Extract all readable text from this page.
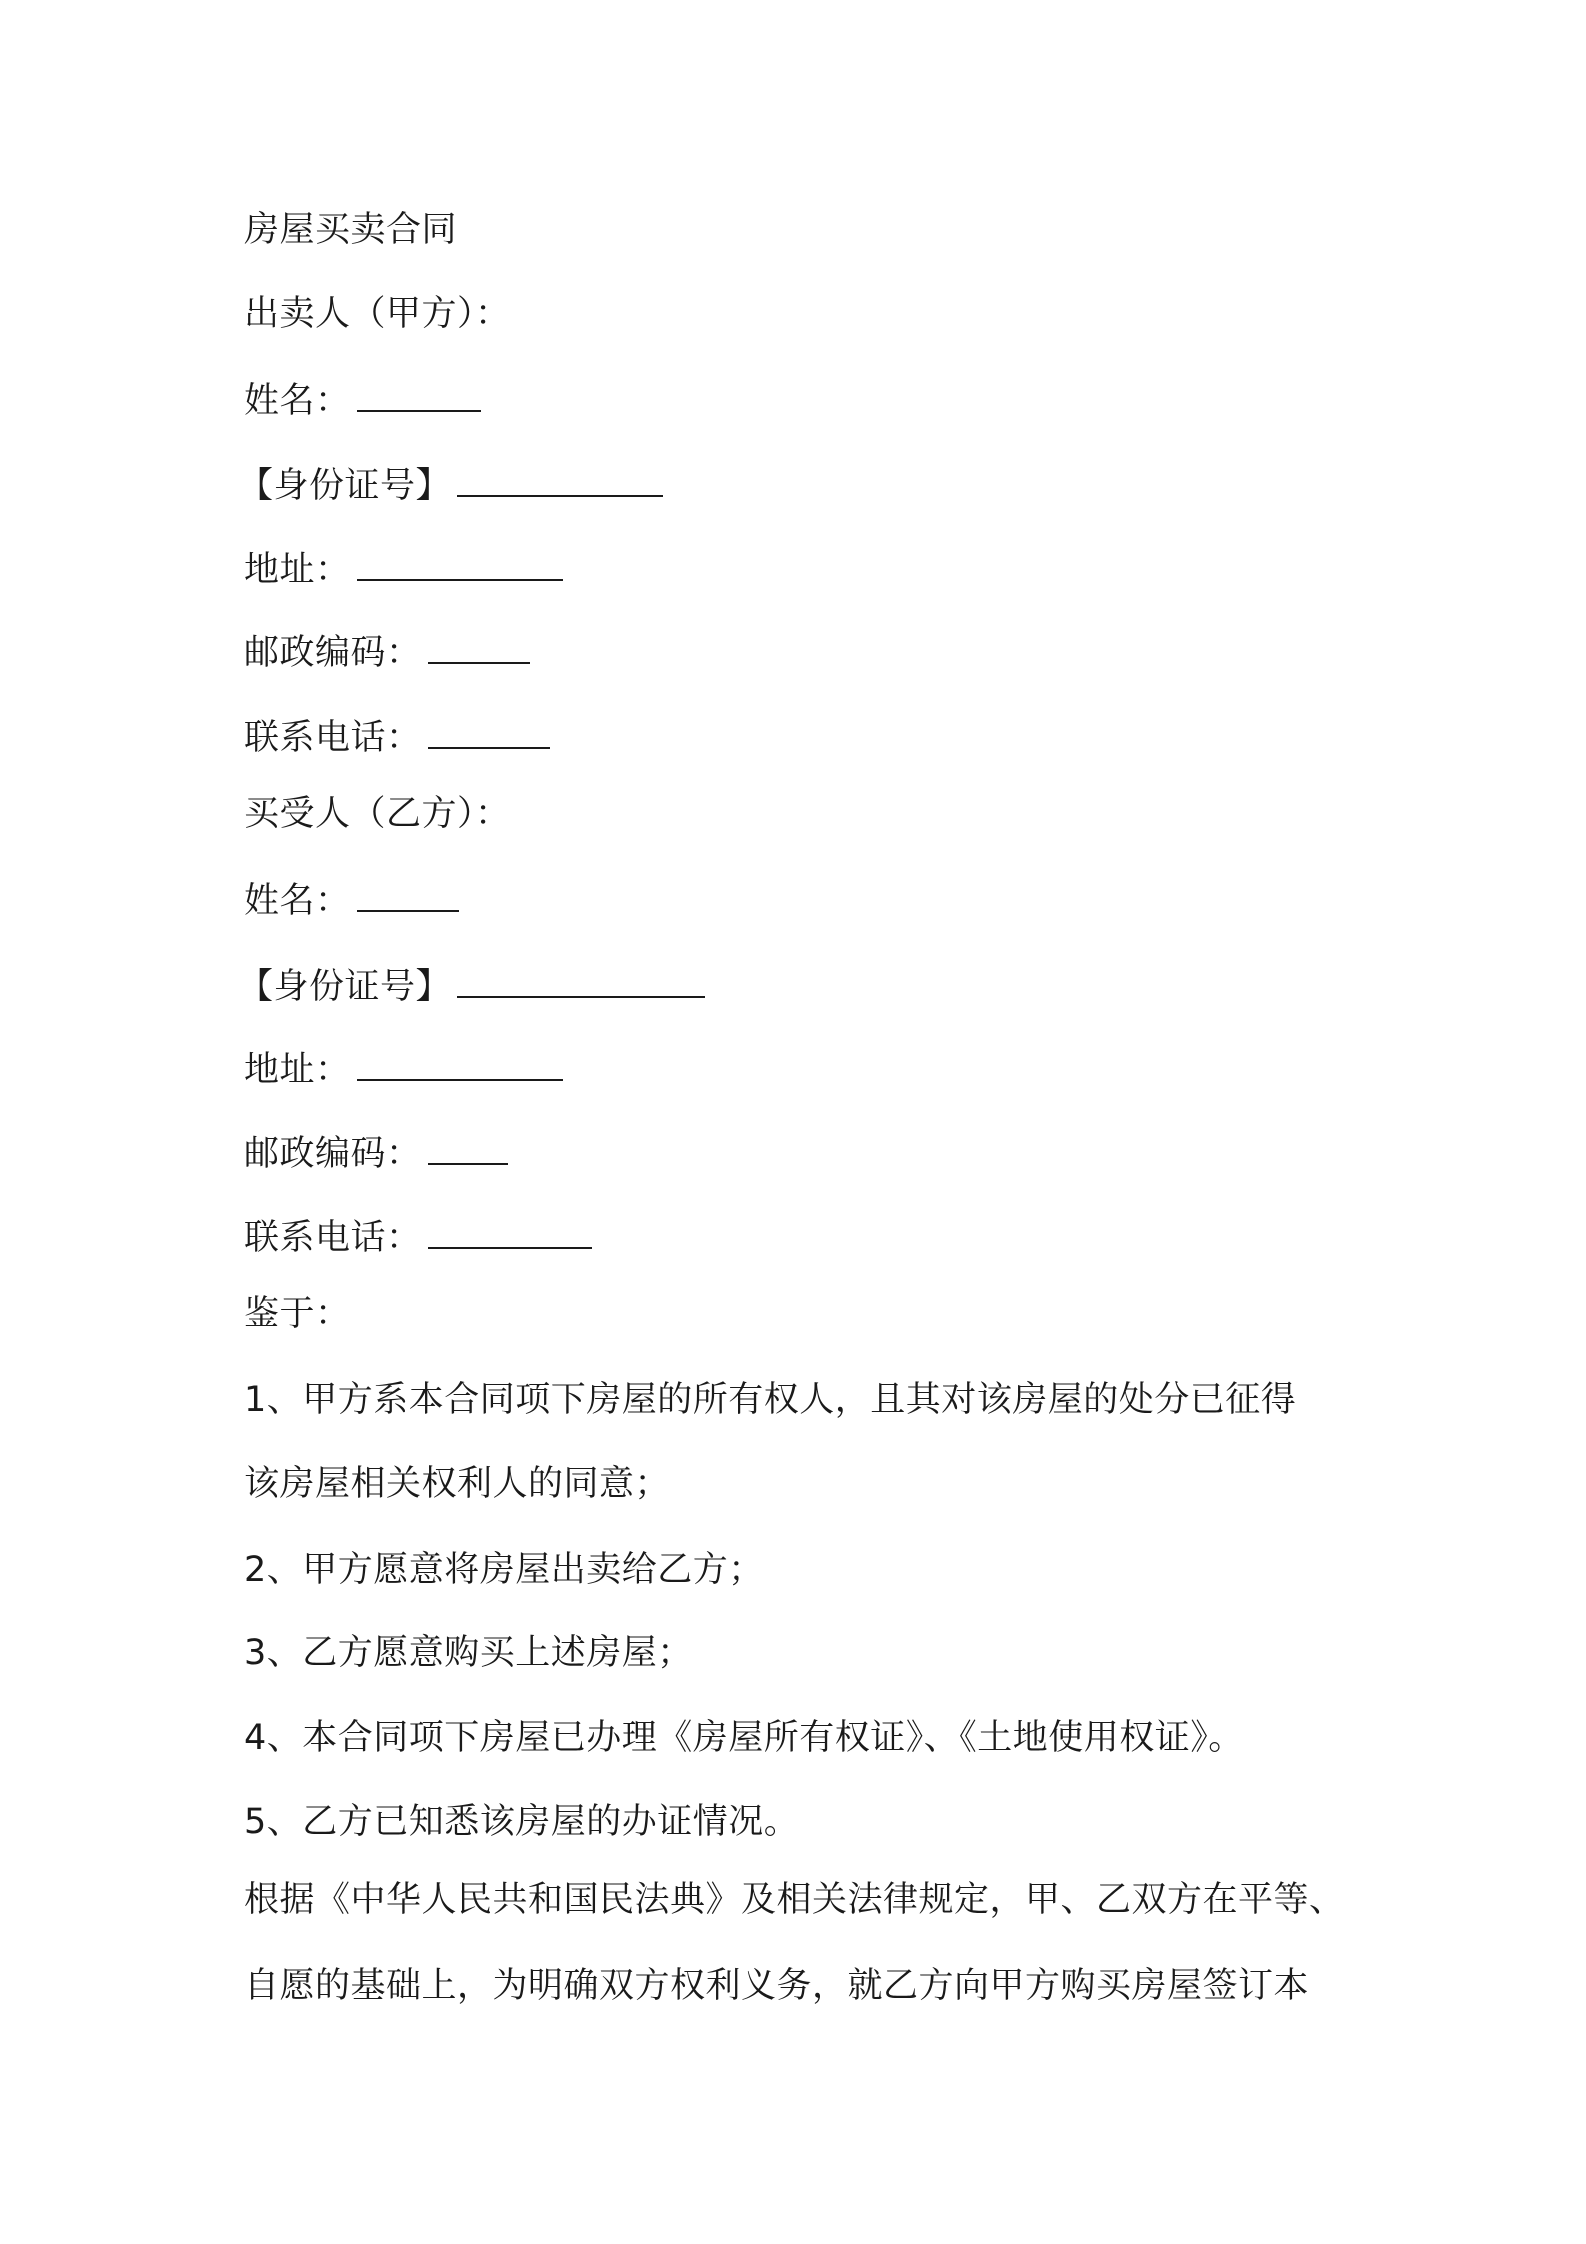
房屋买卖合同
出卖人（甲方）：
姓名：
【身份证号】
地址：
邮政编码：
联系电话：
买受人（乙方）：
姓名：
【身份证号】
地址：
邮政编码：
联系电话：
鉴于：
1、甲方系本合同项下房屋的所有权人，且其对该房屋的处分已征得
该房屋相关权利人的同意；
2、甲方愿意将房屋出卖给乙方；
3、乙方愿意购买上述房屋；
4、本合同项下房屋已办理《房屋所有权证》、《土地使用权证》。
5、乙方已知悉该房屋的办证情况。
根据《中华人民共和国民法典》及相关法律规定，甲、乙双方在平等、
自愿的基础上，为明确双方权利义务，就乙方向甲方购买房屋签订本
